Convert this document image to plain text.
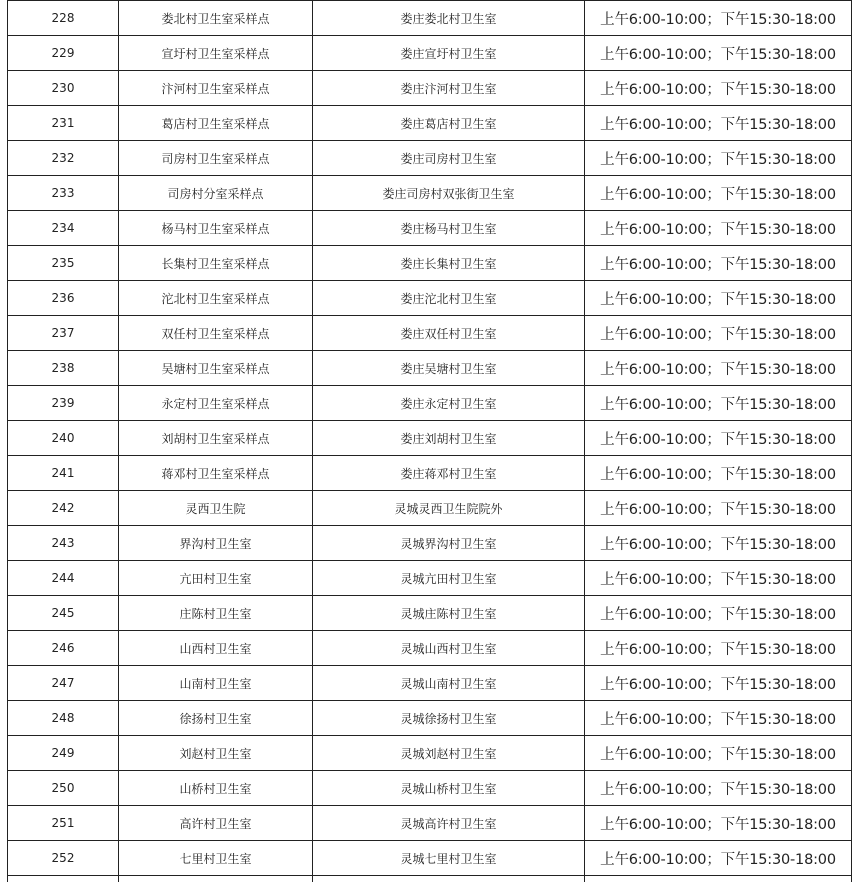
228	娄北村卫生室采样点	娄庄娄北村卫生室	上午6:00-10:00；下午15:30-18:00
229	宣圩村卫生室采样点	娄庄宣圩村卫生室	上午6:00-10:00；下午15:30-18:00
230	汴河村卫生室采样点	娄庄汴河村卫生室	上午6:00-10:00；下午15:30-18:00
231	葛店村卫生室采样点	娄庄葛店村卫生室	上午6:00-10:00；下午15:30-18:00
232	司房村卫生室采样点	娄庄司房村卫生室	上午6:00-10:00；下午15:30-18:00
233	司房村分室采样点	娄庄司房村双张街卫生室	上午6:00-10:00；下午15:30-18:00
234	杨马村卫生室采样点	娄庄杨马村卫生室	上午6:00-10:00；下午15:30-18:00
235	长集村卫生室采样点	娄庄长集村卫生室	上午6:00-10:00；下午15:30-18:00
236	沱北村卫生室采样点	娄庄沱北村卫生室	上午6:00-10:00；下午15:30-18:00
237	双任村卫生室采样点	娄庄双任村卫生室	上午6:00-10:00；下午15:30-18:00
238	吴塘村卫生室采样点	娄庄吴塘村卫生室	上午6:00-10:00；下午15:30-18:00
239	永定村卫生室采样点	娄庄永定村卫生室	上午6:00-10:00；下午15:30-18:00
240	刘胡村卫生室采样点	娄庄刘胡村卫生室	上午6:00-10:00；下午15:30-18:00
241	蒋邓村卫生室采样点	娄庄蒋邓村卫生室	上午6:00-10:00；下午15:30-18:00
242	灵西卫生院	灵城灵西卫生院院外	上午6:00-10:00；下午15:30-18:00
243	界沟村卫生室	灵城界沟村卫生室	上午6:00-10:00；下午15:30-18:00
244	亢田村卫生室	灵城亢田村卫生室	上午6:00-10:00；下午15:30-18:00
245	庄陈村卫生室	灵城庄陈村卫生室	上午6:00-10:00；下午15:30-18:00
246	山西村卫生室	灵城山西村卫生室	上午6:00-10:00；下午15:30-18:00
247	山南村卫生室	灵城山南村卫生室	上午6:00-10:00；下午15:30-18:00
248	徐扬村卫生室	灵城徐扬村卫生室	上午6:00-10:00；下午15:30-18:00
249	刘赵村卫生室	灵城刘赵村卫生室	上午6:00-10:00；下午15:30-18:00
250	山桥村卫生室	灵城山桥村卫生室	上午6:00-10:00；下午15:30-18:00
251	高许村卫生室	灵城高许村卫生室	上午6:00-10:00；下午15:30-18:00
252	七里村卫生室	灵城七里村卫生室	上午6:00-10:00；下午15:30-18:00
